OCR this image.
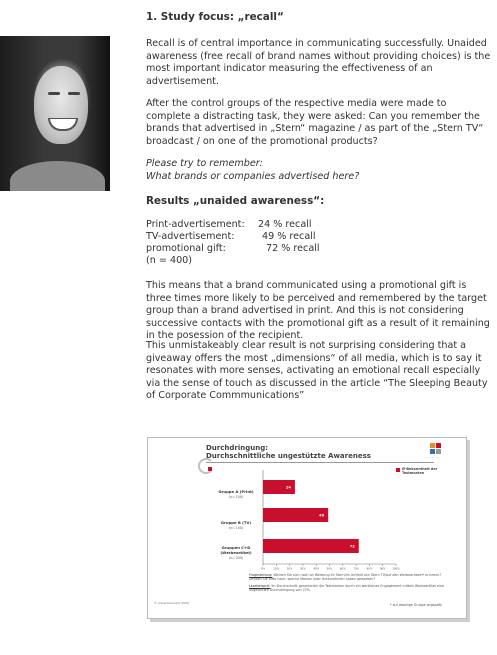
1. Study focus: „recall“

Recall is of central importance in communicating successfully. Unaided awareness (free recall of brand names without providing choices) is the most important indicator measuring the effectiveness of an advertisement.

After the control groups of the respective media were made to complete a distracting task, they were asked: Can you remember the brands that advertised in „Stern“ magazine / as part of the „Stern TV“ broadcast / on one of the promotional products?

Please try to remember:

What brands or companies advertised here?

Results „unaided awareness“:
Print-advertisement: 24 % recall
TV-advertisement:	49 % recall
promotional gift:	72 % recall
(n = 400)

This means that a brand communicated using a promotional gift is three times more likely to be perceived and remembered by the target group than a brand advertised in print. And this is not considering successive contacts with the promotional gift as a result of it remaining in the posession of the recipient.

This unmistakeably clear result is not surprising considering that a giveaway offers the most „dimensions“ of all media, which is to say it resonates with more senses, activating an emotional recall especially via the sense of touch as discussed in the article “The Sleeping Beauty of Corporate Commmunications”

Durchdringung:
Durchschnittliche ungestützte Awareness	........ .... .....
Ø-Bekanntheit der Testmarken
Gruppe A (Print)
(n= 100)
Gruppe B (TV)
(n= 100)
Gruppen C+D (Werbeartikel)
(n= 200)
0%	10%	20%	30%	40%	50%	60%	70%	80%	90%	100%
24
49
72
Fragestellung: Können Sie sich noch an Werbung im Stern/im Umfeld von Stern TV/auf den Werbeartikeln* erinnern? Denken Sie bitte nach: welche Marken oder Unternehmen haben geworben?
Lesebeispiel: Im Durchschnitt generierten die Testmarken durch ein werbliches Engagement mittels Werbeartikel eine ungestützte Durchdringung von 72%.
© Advertainment 2006	* auf jeweilige Gruppe angepaßt
